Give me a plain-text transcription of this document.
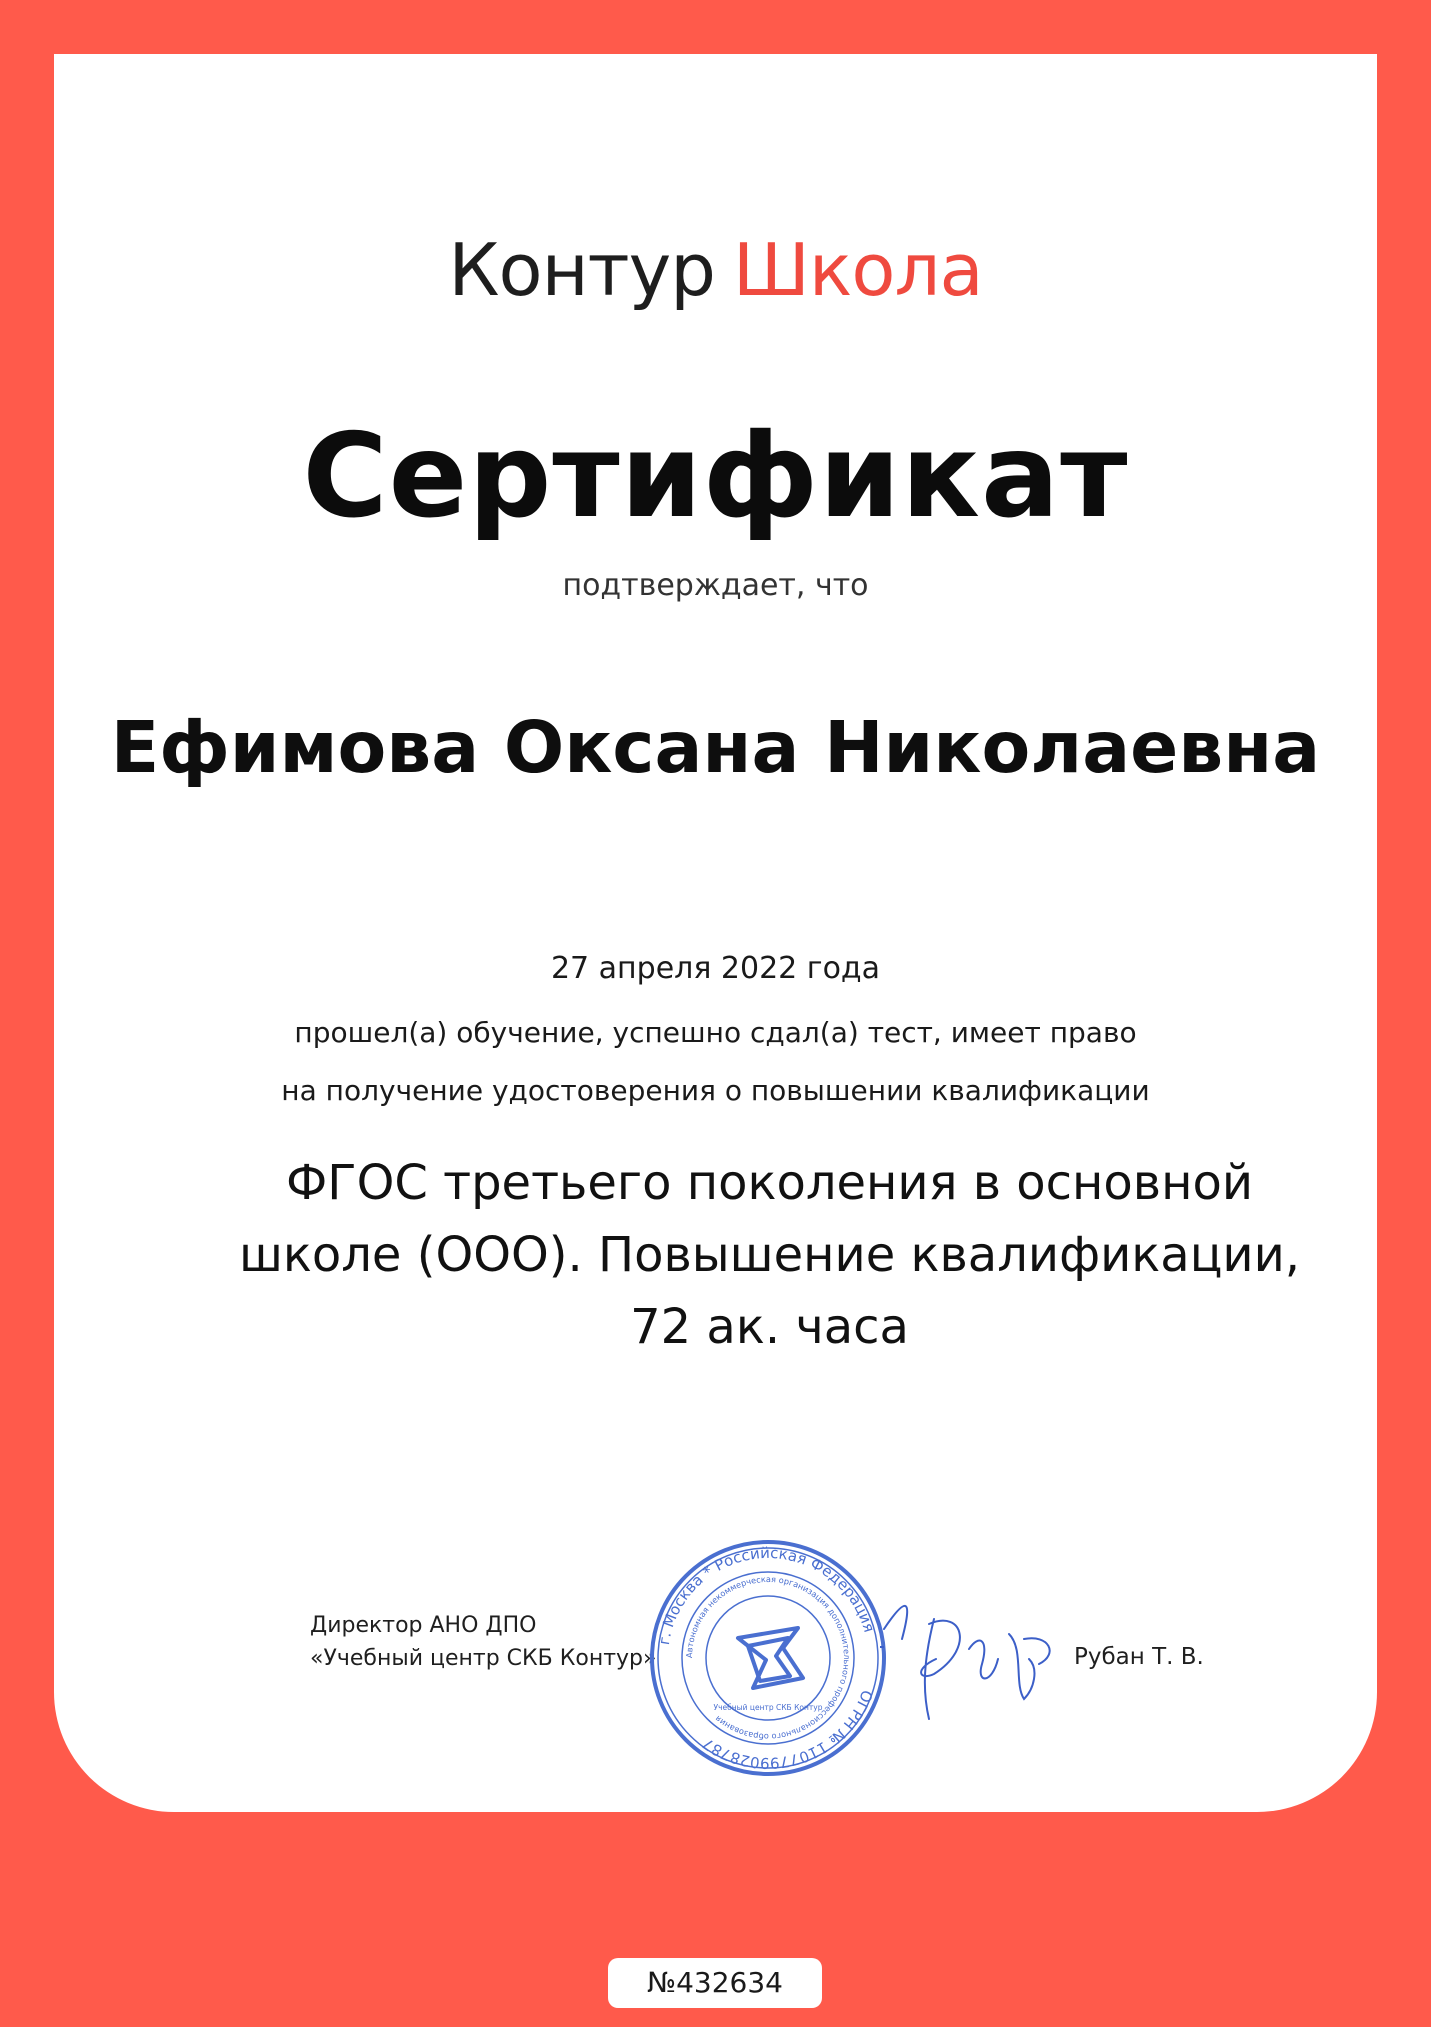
Контур Школа
Сертификат
подтверждает, что
Ефимова Оксана Николаевна
27 апреля 2022 года
прошел(а) обучение, успешно сдал(а) тест, имеет право
на получение удостоверения о повышении квалификации
ФГОС третьего поколения в основной школе (ООО). Повышение квалификации, 72 ак. часа
Директор АНО ДПО
«Учебный центр СКБ Контур»
г. Москва * Российская Федерация
ОГРН № 1107799028787
Автономная некоммерческая организация дополнительного профессионального образования
Учебный центр СКБ Контур
Рубан Т. В.
№432634
